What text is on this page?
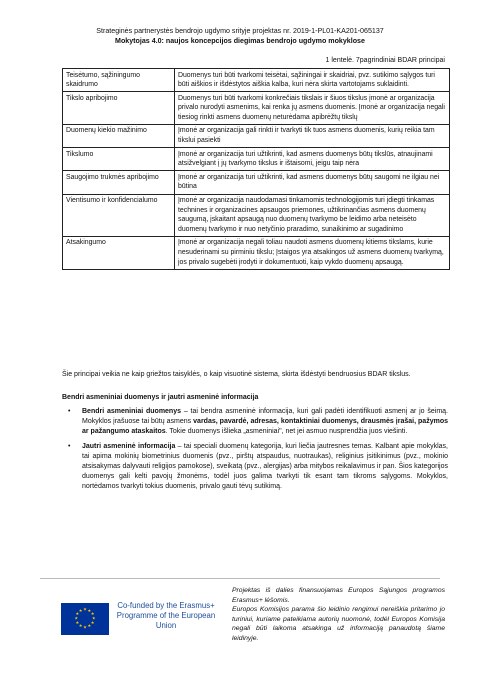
Strateginės partnerystės bendrojo ugdymo srityje projektas nr. 2019-1-PL01-KA201-065137
Mokytojas 4.0: naujos koncepcijos diegimas bendrojo ugdymo mokyklose
1 lentelė. 7pagrindiniai BDAR principai
Teisėtumo, sąžiningumo skaidrumo	Duomenys turi būti tvarkomi teisėtai, sąžiningai ir skaidriai, pvz. sutikimo sąlygos turi būti aiškios ir išdėstytos aiškia kalba, kuri nėra skirta vartotojams suklaidinti.
Tikslo apribojimo	Duomenys turi būti tvarkomi konkrečiais tikslais ir šiuos tikslus įmonė ar organizacija privalo nurodyti asmenims, kai renka jų asmens duomenis. Įmonė ar organizacija negali tiesiog rinkti asmens duomenų neturėdama apibrėžtų tikslų
Duomenų kiekio mažinimo	Įmonė ar organizacija gali rinkti ir tvarkyti tik tuos asmens duomenis, kurių reikia tam tikslui pasiekti
Tikslumo	Įmonė ar organizacija turi užtikrinti, kad asmens duomenys būtų tikslūs, atnaujinami atsižvelgiant į jų tvarkymo tikslus ir ištaisomi, jeigu taip nėra
Saugojimo trukmės apribojimo	Įmonė ar organizacija turi užtikrinti, kad asmens duomenys būtų saugomi ne ilgiau nei būtina
Vientisumo ir konfidencialumo	Įmonė ar organizacija naudodamasi tinkamomis technologijomis turi įdiegti tinkamas technines ir organizacines apsaugos priemones, užtikrinančias asmens duomenų saugumą, įskaitant apsaugą nuo duomenų tvarkymo be leidimo arba neteisėto duomenų tvarkymo ir nuo netyčinio praradimo, sunaikinimo ar sugadinimo
Atsakingumo	Įmonė ar organizacija negali toliau naudoti asmens duomenų kitiems tikslams, kurie nesuderinami su pirminiu tikslu; Įstaigos yra atsakingos už asmens duomenų tvarkymą, jos privalo sugebėti įrodyti ir dokumentuoti, kaip vykdo duomenų apsaugą.
Šie principai veikia ne kaip griežtos taisyklės, o kaip visuotinė sistema, skirta išdėstyti bendruosius BDAR tikslus.
Bendri asmeniniai duomenys ir jautri asmeninė informacija
• Bendri asmeniniai duomenys – tai bendra asmeninė informacija, kuri gali padėti identifikuoti asmenį ar jo šeimą. Mokyklos įrašuose tai būtų asmens vardas, pavardė, adresas, kontaktiniai duomenys, drausmės įrašai, pažymos ar pažangumo ataskaitos. Tokie duomenys išliekа „asmeniniai", net jei asmuo nusprendžia juos viešinti.
• Jautri asmeninė informacija – tai speciali duomenų kategorija, kuri liečia jautresnes temas. Kalbant apie mokyklas, tai apima mokinių biometrinius duomenis (pvz., pirštų atspaudus, nuotraukas), religinius įsitikinimus (pvz., mokinio atsisakymas dalyvauti religijos pamokose), sveikatą (pvz., alergijas) arba mitybos reikalavimus ir pan. Šios kategorijos duomenys gali kelti pavojų žmonėms, todėl juos galima tvarkyti tik esant tam tikroms sąlygoms. Mokyklos, nortėdamos tvarkyti tokius duomenis, privalo gauti tėvų sutikimą.
★ ★
★
★
★
★
★
★
★
★
★
★
Co-funded by the Erasmus+ Programme of the European Union
Projektas iš dalies finansuojamas Europos Sąjungos programos Erasmus+ lėšomis.
Europos Komisijos parama šio leidinio rengimui nereiškia pritarimo jo turiniui, kuriame pateikiama autorių nuomonė, todėl Europos Komisija negali būti laikoma atsakinga už informaciją panaudotą šiame leidinyje.
